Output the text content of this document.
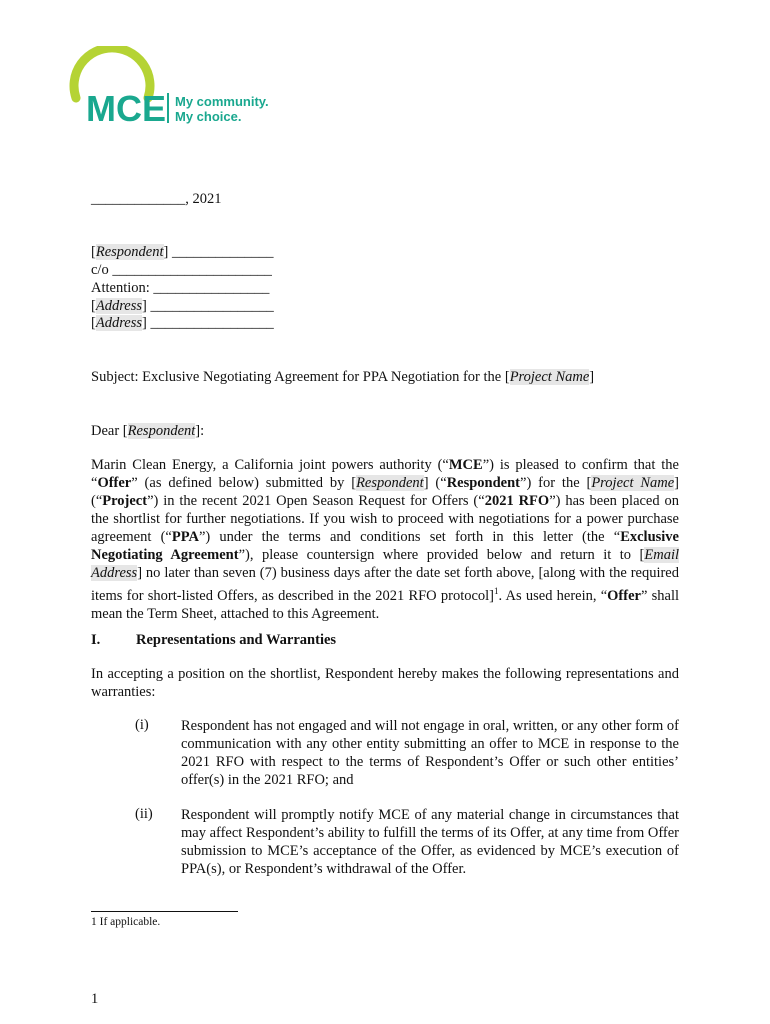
MCE My community.
My choice.
_____________, 2021
[Respondent] ______________
c/o ______________________
Attention: ________________
[Address] _________________
[Address] _________________
Subject: Exclusive Negotiating Agreement for PPA Negotiation for the [Project Name]
Dear [Respondent]:
Marin Clean Energy, a California joint powers authority (“MCE”) is pleased to confirm that the “Offer” (as defined below) submitted by [Respondent] (“Respondent”) for the [Project Name] (“Project”) in the recent 2021 Open Season Request for Offers (“2021 RFO”) has been placed on the shortlist for further negotiations. If you wish to proceed with negotiations for a power purchase agreement (“PPA”) under the terms and conditions set forth in this letter (the “Exclusive Negotiating Agreement”), please countersign where provided below and return it to [Email Address] no later than seven (7) business days after the date set forth above, [along with the required items for short-listed Offers, as described in the 2021 RFO protocol]$^1$. As used herein, “Offer” shall mean the Term Sheet, attached to this Agreement.
I. Representations and Warranties
In accepting a position on the shortlist, Respondent hereby makes the following representations and warranties:
(i) Respondent has not engaged and will not engage in oral, written, or any other form of communication with any other entity submitting an offer to MCE in response to the 2021 RFO with respect to the terms of Respondent’s Offer or such other entities’ offer(s) in the 2021 RFO; and
(ii) Respondent will promptly notify MCE of any material change in circumstances that may affect Respondent’s ability to fulfill the terms of its Offer, at any time from Offer submission to MCE’s acceptance of the Offer, as evidenced by MCE’s execution of PPA(s), or Respondent’s withdrawal of the Offer.
1 If applicable.
1
